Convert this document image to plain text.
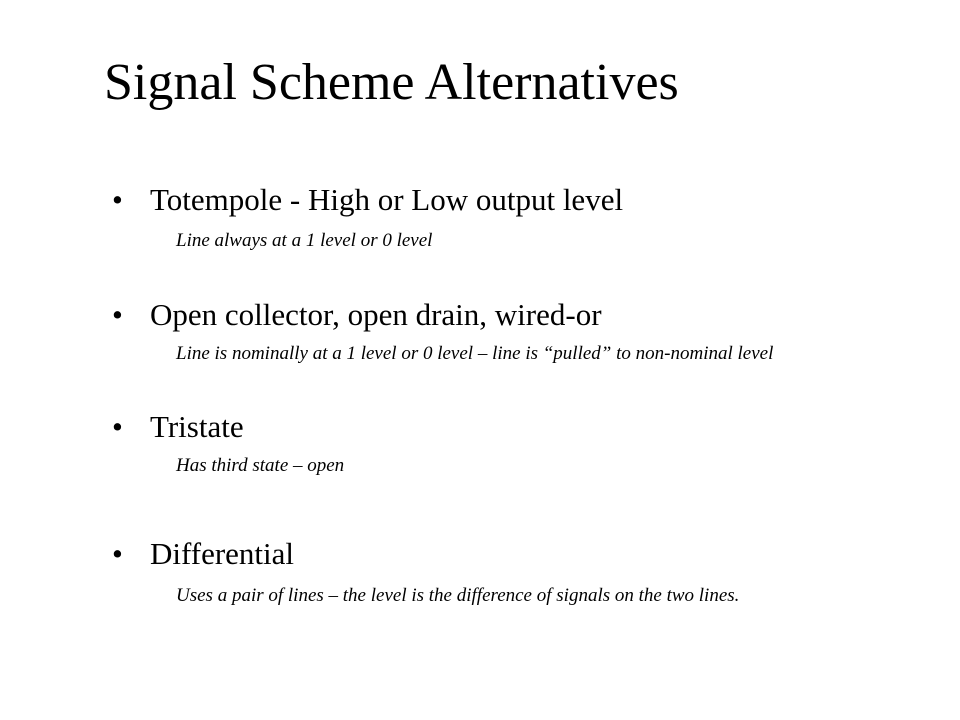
Signal Scheme Alternatives
• Totempole - High or Low output level
Line always at a 1 level or 0 level
• Open collector, open drain, wired-or
Line is nominally at a 1 level or 0 level – line is “pulled” to non-nominal level
• Tristate
Has third state – open
• Differential
Uses a pair of lines – the level is the difference of signals on the two lines.
